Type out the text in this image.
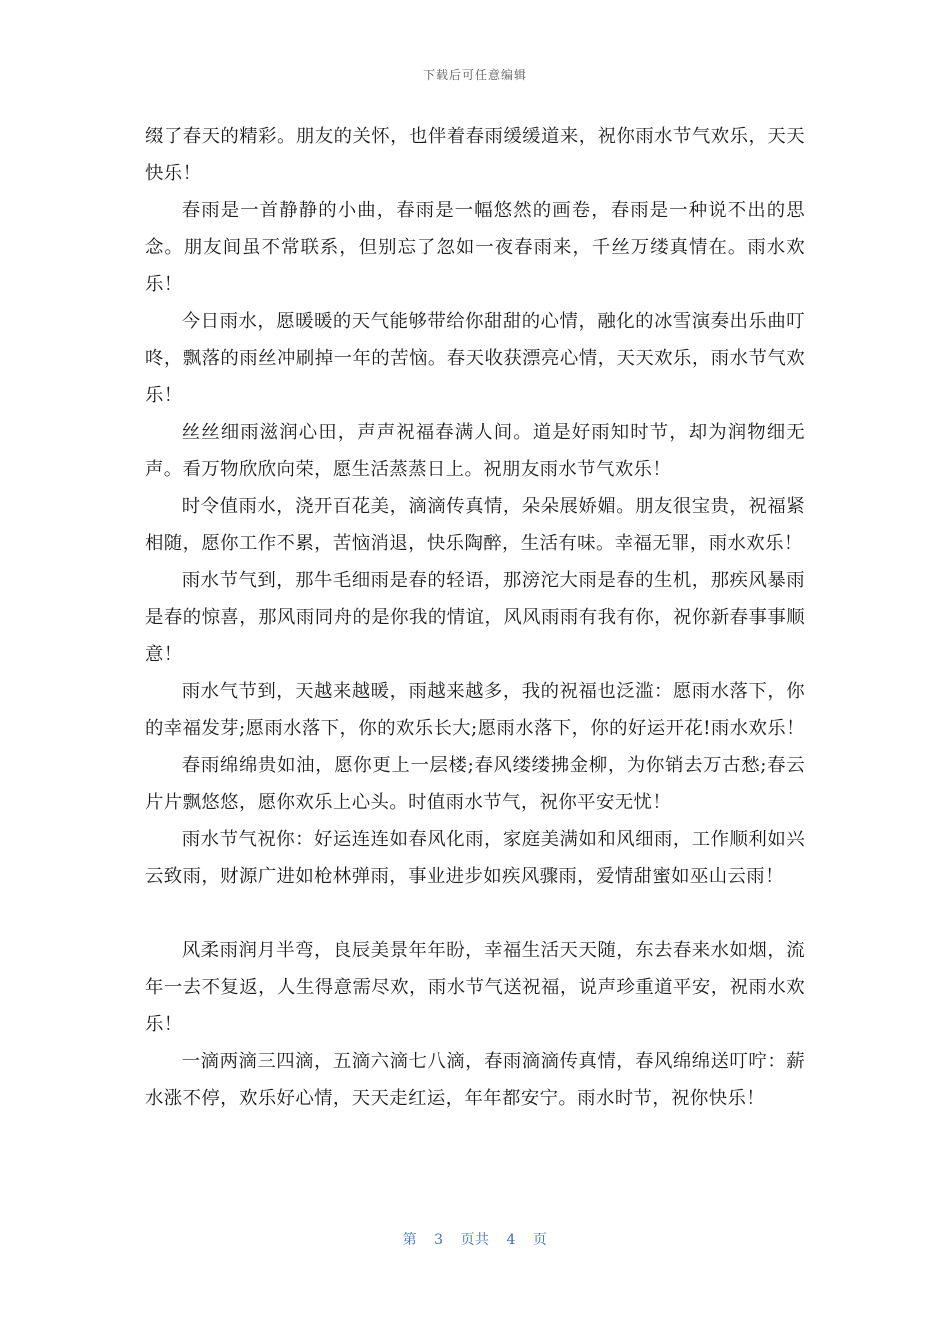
下载后可任意编辑

缀了春天的精彩。朋友的关怀，也伴着春雨缓缓道来，祝你雨水节气欢乐，天天快乐！

春雨是一首静静的小曲，春雨是一幅悠然的画卷，春雨是一种说不出的思念。朋友间虽不常联系，但别忘了忽如一夜春雨来，千丝万缕真情在。雨水欢乐！

今日雨水，愿暖暖的天气能够带给你甜甜的心情，融化的冰雪演奏出乐曲叮咚，飘落的雨丝冲刷掉一年的苦恼。春天收获漂亮心情，天天欢乐，雨水节气欢乐！

丝丝细雨滋润心田，声声祝福春满人间。道是好雨知时节，却为润物细无声。看万物欣欣向荣，愿生活蒸蒸日上。祝朋友雨水节气欢乐！

时令值雨水，浇开百花美，滴滴传真情，朵朵展娇媚。朋友很宝贵，祝福紧相随，愿你工作不累，苦恼消退，快乐陶醉，生活有味。幸福无罪，雨水欢乐！

雨水节气到，那牛毛细雨是春的轻语，那滂沱大雨是春的生机，那疾风暴雨是春的惊喜，那风雨同舟的是你我的情谊，风风雨雨有我有你，祝你新春事事顺意！

雨水气节到，天越来越暖，雨越来越多，我的祝福也泛滥：愿雨水落下，你的幸福发芽;愿雨水落下，你的欢乐长大;愿雨水落下，你的好运开花!雨水欢乐！

春雨绵绵贵如油，愿你更上一层楼;春风缕缕拂金柳，为你销去万古愁;春云片片飘悠悠，愿你欢乐上心头。时值雨水节气，祝你平安无忧！

雨水节气祝你：好运连连如春风化雨，家庭美满如和风细雨，工作顺利如兴云致雨，财源广进如枪林弹雨，事业进步如疾风骤雨，爱情甜蜜如巫山云雨！

风柔雨润月半弯，良辰美景年年盼，幸福生活天天随，东去春来水如烟，流年一去不复返，人生得意需尽欢，雨水节气送祝福，说声珍重道平安，祝雨水欢乐！

一滴两滴三四滴，五滴六滴七八滴，春雨滴滴传真情，春风绵绵送叮咛：薪水涨不停，欢乐好心情，天天走红运，年年都安宁。雨水时节，祝你快乐！

第 3 页共 4 页
